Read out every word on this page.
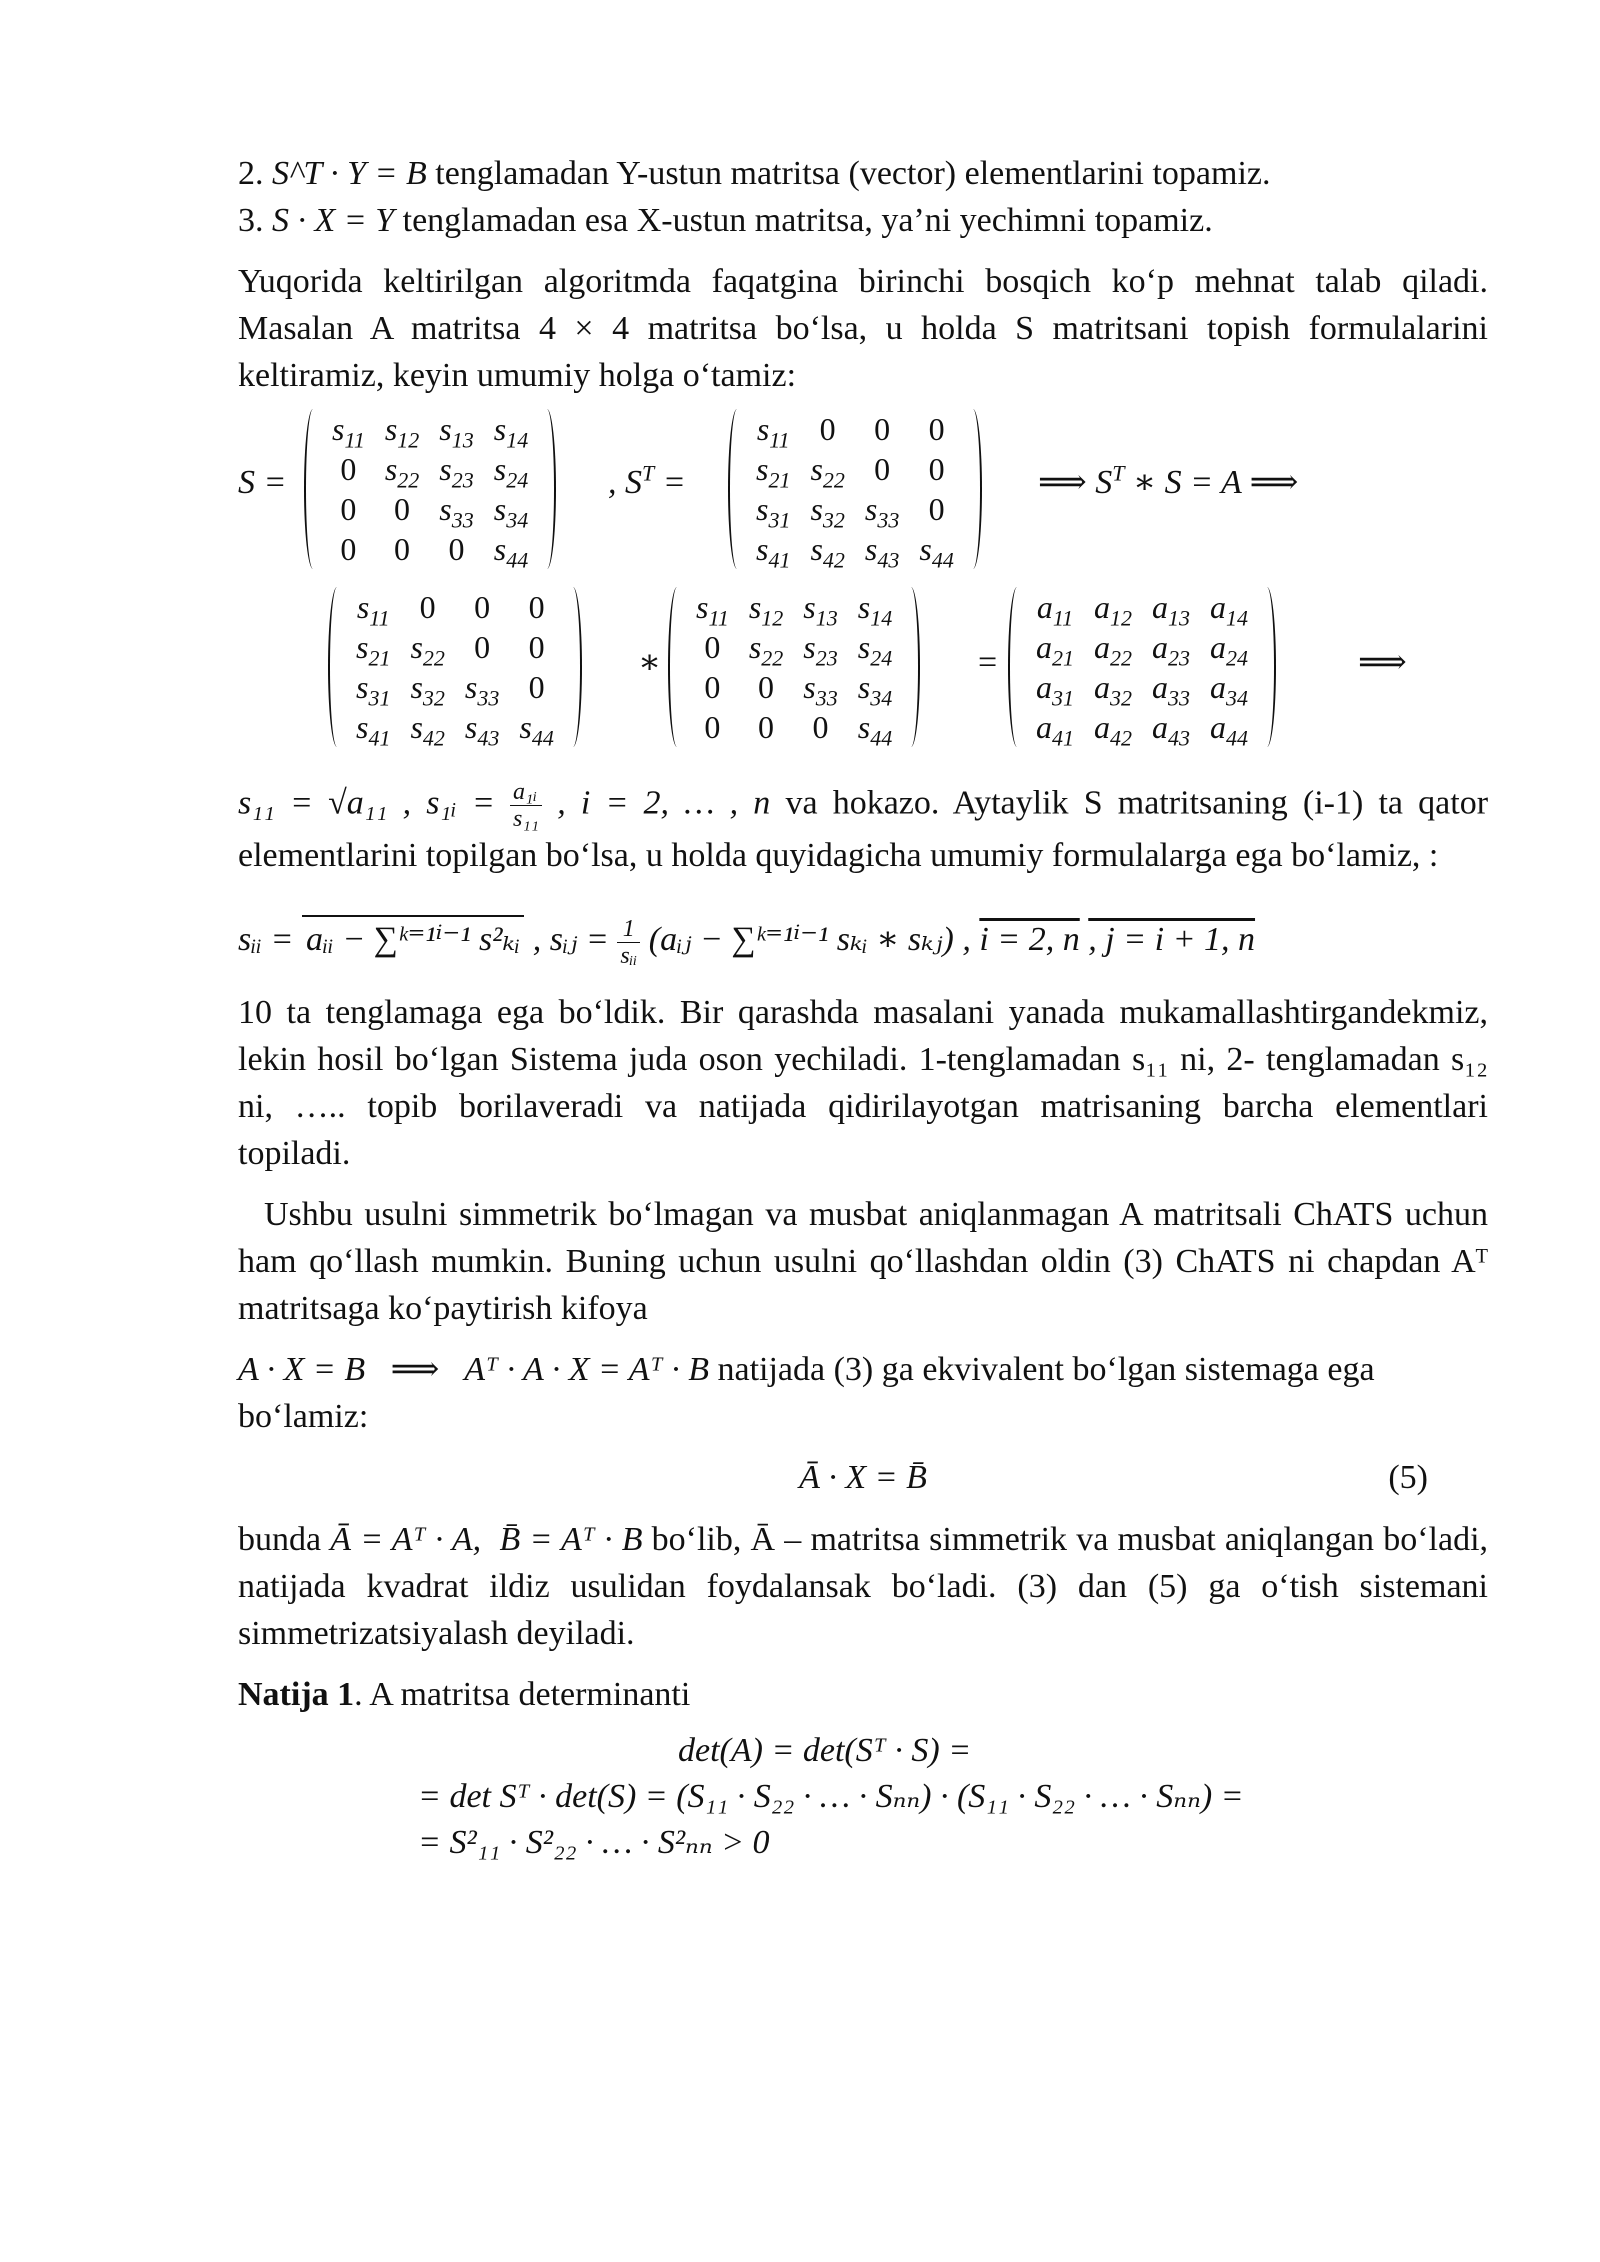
2. S^T · Y = B tenglamadan Y-ustun matritsa (vector) elementlarini topamiz.
3. S · X = Y tenglamadan esa X-ustun matritsa, ya’ni yechimni topamiz.

Yuqorida keltirilgan algoritmda faqatgina birinchi bosqich ko‘p mehnat talab qiladi. Masalan A matritsa 4 × 4 matritsa bo‘lsa, u holda S matritsani topish formulalarini keltiramiz, keyin umumiy holga o‘tamiz:

S =
$s_{11}$	$s_{12}$	$s_{13}$	$s_{14}$
0	$s_{22}$	$s_{23}$	$s_{24}$
0	0	$s_{33}$	$s_{34}$
0	0	0	$s_{44}$
, $S^T$ =
$s_{11}$	0	0	0
$s_{21}$	$s_{22}$	0	0
$s_{31}$	$s_{32}$	$s_{33}$	0
$s_{41}$	$s_{42}$	$s_{43}$	$s_{44}$
⟹ $S^T$ ∗ S = A ⟹
$s_{11}$	0	0	0
$s_{21}$	$s_{22}$	0	0
$s_{31}$	$s_{32}$	$s_{33}$	0
$s_{41}$	$s_{42}$	$s_{43}$	$s_{44}$
∗
$s_{11}$	$s_{12}$	$s_{13}$	$s_{14}$
0	$s_{22}$	$s_{23}$	$s_{24}$
0	0	$s_{33}$	$s_{34}$
0	0	0	$s_{44}$
=
$a_{11}$	$a_{12}$	$a_{13}$	$a_{14}$
$a_{21}$	$a_{22}$	$a_{23}$	$a_{24}$
$a_{31}$	$a_{32}$	$a_{33}$	$a_{34}$
$a_{41}$	$a_{42}$	$a_{43}$	$a_{44}$
⟹

s₁₁ = √a₁₁ , s₁ᵢ = $\frac{\text{a₁ᵢ}}{\text{s₁₁}}$ , i = 2, … , n va hokazo. Aytaylik S matritsaning (i-1) ta qator elementlarini topilgan bo‘lsa, u holda quyidagicha umumiy formulalarga ega bo‘lamiz, :

sᵢᵢ = aᵢᵢ − ∑ᵏ⁼¹ⁱ⁻¹ s²ₖᵢ , sᵢⱼ = $\frac{1}{\text{sᵢᵢ}}$ (aᵢⱼ − ∑ᵏ⁼¹ⁱ⁻¹ sₖᵢ ∗ sₖⱼ) , i = 2, n , j = i + 1, n

10 ta tenglamaga ega bo‘ldik. Bir qarashda masalani yanada mukamallashtirgandekmiz, lekin hosil bo‘lgan Sistema juda oson yechiladi. 1-tenglamadan s₁₁ ni, 2- tenglamadan s₁₂ ni, ….. topib borilaveradi va natijada qidirilayotgan matrisaning barcha elementlari topiladi.

Ushbu usulni simmetrik bo‘lmagan va musbat aniqlanmagan A matritsali ChATS uchun ham qo‘llash mumkin. Buning uchun usulni qo‘llashdan oldin (3) ChATS ni chapdan Aᵀ matritsaga ko‘paytirish kifoya

A · X = B   ⟹   Aᵀ · A · X = Aᵀ · B natijada (3) ga ekvivalent bo‘lgan sistemaga ega bo‘lamiz:

Ā · X = B̄	(5)

bunda Ā = Aᵀ · A,  B̄ = Aᵀ · B bo‘lib, Ā – matritsa simmetrik va musbat aniqlangan bo‘ladi, natijada kvadrat ildiz usulidan foydalansak bo‘ladi. (3) dan (5) ga o‘tish sistemani simmetrizatsiyalash deyiladi.

Natija 1. A matritsa determinanti

det(A) = det(Sᵀ · S) =
= det Sᵀ · det(S) = (S₁₁ · S₂₂ · … · Sₙₙ) · (S₁₁ · S₂₂ · … · Sₙₙ) =
= S²₁₁ · S²₂₂ · … · S²ₙₙ > 0
